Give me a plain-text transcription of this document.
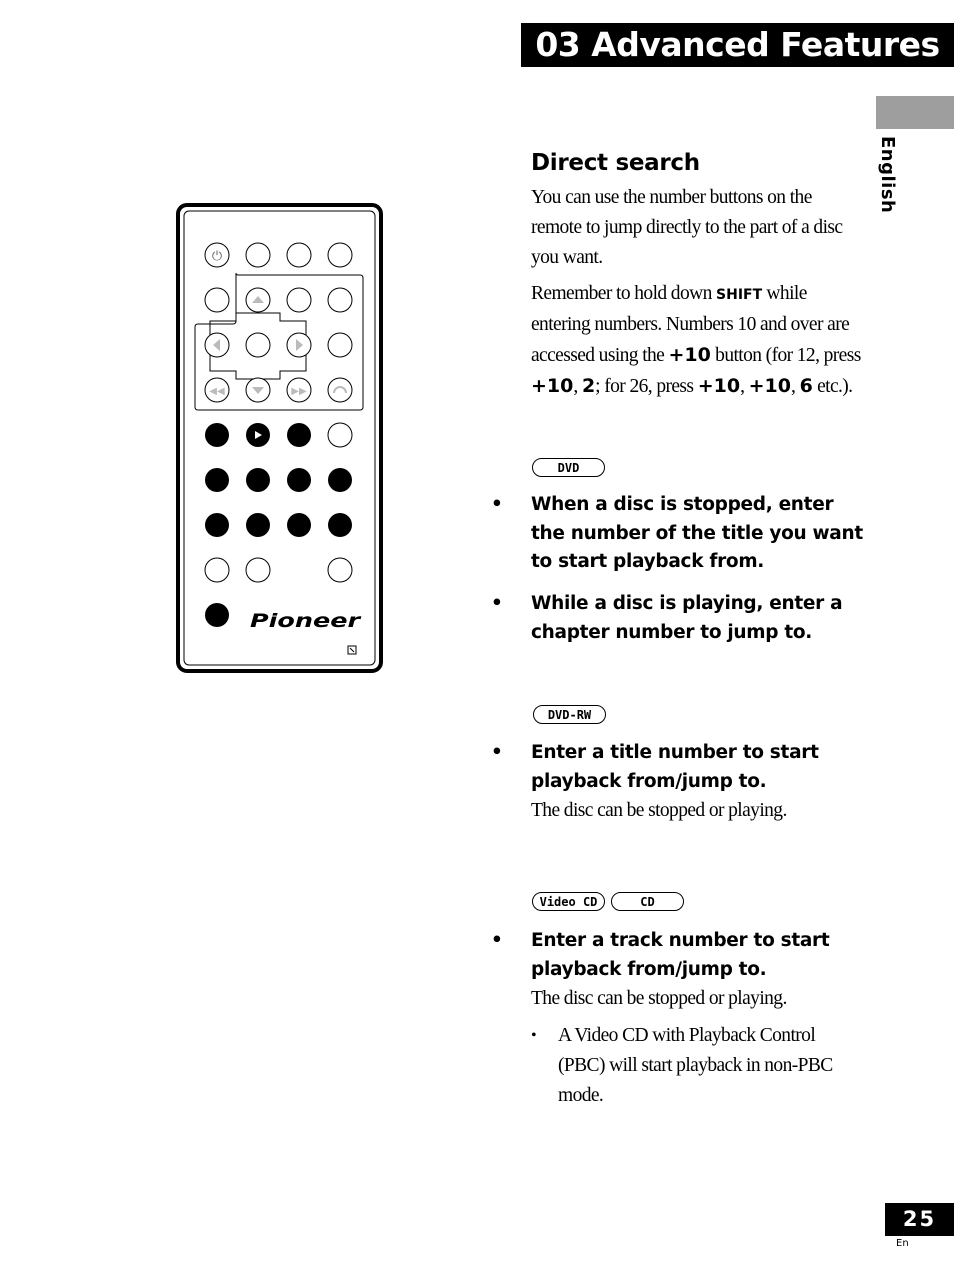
03 Advanced Features
English
⏻
◀◀	▶▶
Pioneer
Direct search
You can use the number buttons on the remote to jump directly to the part of a disc you want.
Remember to hold down SHIFT while entering numbers. Numbers 10 and over are accessed using the +10 button (for 12, press +10, 2; for 26, press +10, +10, 6 etc.).
DVD
• When a disc is stopped, enter the number of the title you want to start playback from.
• While a disc is playing, enter a chapter number to jump to.
DVD-RW
• Enter a title number to start playback from/jump to.
The disc can be stopped or playing.
Video CD	CD
• Enter a track number to start playback from/jump to.
The disc can be stopped or playing.
• A Video CD with Playback Control (PBC) will start playback in non-PBC mode.
25
En
